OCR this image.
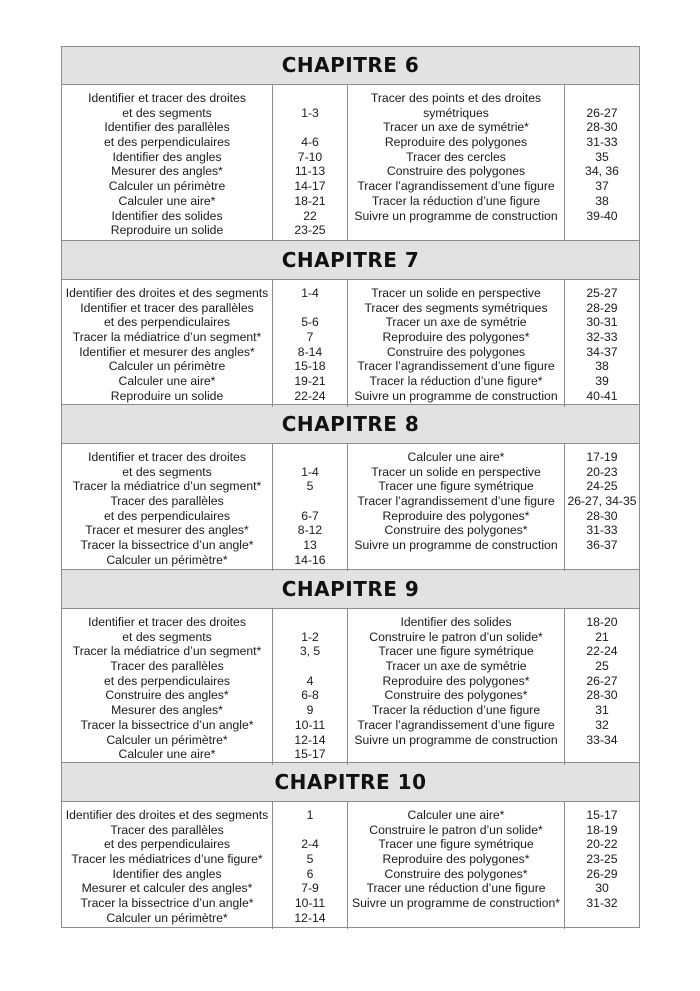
CHAPITRE 6
Identifier et tracer des droites
et des segments
Identifier des parallèles
et des perpendiculaires
Identifier des angles
Mesurer des angles*
Calculer un périmètre
Calculer une aire*
Identifier des solides
Reproduire un solide
1-3
4-6
7-10
11-13
14-17
18-21
22
23-25
Tracer des points et des droites
symétriques
Tracer un axe de symétrie*
Reproduire des polygones
Tracer des cercles
Construire des polygones
Tracer l’agrandissement d’une figure
Tracer la réduction d’une figure
Suivre un programme de construction
26-27
28-30
31-33
35
34, 36
37
38
39-40
CHAPITRE 7
Identifier des droites et des segments
Identifier et tracer des parallèles
et des perpendiculaires
Tracer la médiatrice d’un segment*
Identifier et mesurer des angles*
Calculer un périmètre
Calculer une aire*
Reproduire un solide
1-4
5-6
7
8-14
15-18
19-21
22-24
Tracer un solide en perspective
Tracer des segments symétriques
Tracer un axe de symétrie
Reproduire des polygones*
Construire des polygones
Tracer l’agrandissement d’une figure
Tracer la réduction d’une figure*
Suivre un programme de construction
25-27
28-29
30-31
32-33
34-37
38
39
40-41
CHAPITRE 8
Identifier et tracer des droites
et des segments
Tracer la médiatrice d’un segment*
Tracer des parallèles
et des perpendiculaires
Tracer et mesurer des angles*
Tracer la bissectrice d’un angle*
Calculer un périmètre*
1-4
5
6-7
8-12
13
14-16
Calculer une aire*
Tracer un solide en perspective
Tracer une figure symétrique
Tracer l’agrandissement d’une figure
Reproduire des polygones*
Construire des polygones*
Suivre un programme de construction
17-19
20-23
24-25
26-27, 34-35
28-30
31-33
36-37
CHAPITRE 9
Identifier et tracer des droites
et des segments
Tracer la médiatrice d’un segment*
Tracer des parallèles
et des perpendiculaires
Construire des angles*
Mesurer des angles*
Tracer la bissectrice d’un angle*
Calculer un périmètre*
Calculer une aire*
1-2
3, 5
4
6-8
9
10-11
12-14
15-17
Identifier des solides
Construire le patron d’un solide*
Tracer une figure symétrique
Tracer un axe de symétrie
Reproduire des polygones*
Construire des polygones*
Tracer la réduction d’une figure
Tracer l’agrandissement d’une figure
Suivre un programme de construction
18-20
21
22-24
25
26-27
28-30
31
32
33-34
CHAPITRE 10
Identifier des droites et des segments
Tracer des parallèles
et des perpendiculaires
Tracer les médiatrices d’une figure*
Identifier des angles
Mesurer et calculer des angles*
Tracer la bissectrice d’un angle*
Calculer un périmètre*
1
2-4
5
6
7-9
10-11
12-14
Calculer une aire*
Construire le patron d’un solide*
Tracer une figure symétrique
Reproduire des polygones*
Construire des polygones*
Tracer une réduction d’une figure
Suivre un programme de construction*
15-17
18-19
20-22
23-25
26-29
30
31-32
